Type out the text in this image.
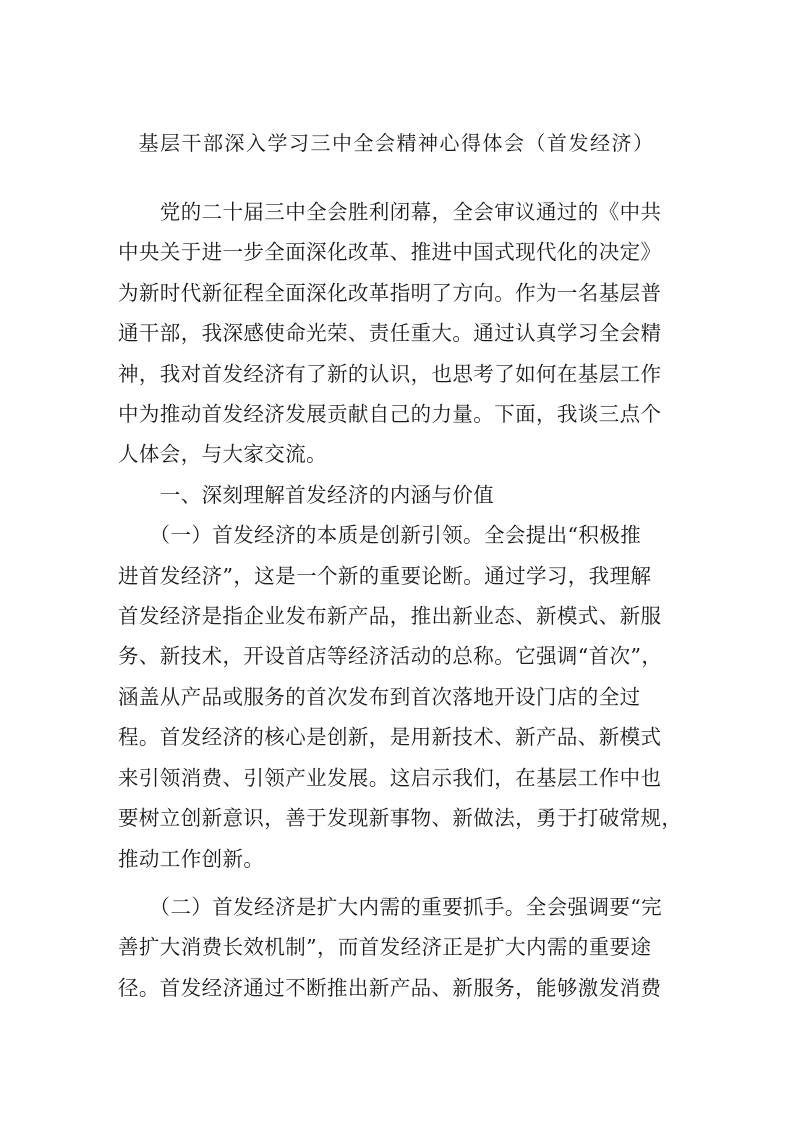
基层干部深入学习三中全会精神心得体会（首发经济）

　　党的二十届三中全会胜利闭幕，全会审议通过的《中共

中央关于进一步全面深化改革、推进中国式现代化的决定》

为新时代新征程全面深化改革指明了方向。作为一名基层普

通干部，我深感使命光荣、责任重大。通过认真学习全会精

神，我对首发经济有了新的认识，也思考了如何在基层工作

中为推动首发经济发展贡献自己的力量。下面，我谈三点个

人体会，与大家交流。

　　一、深刻理解首发经济的内涵与价值

　　（一）首发经济的本质是创新引领。全会提出“积极推

进首发经济”，这是一个新的重要论断。通过学习，我理解

首发经济是指企业发布新产品，推出新业态、新模式、新服

务、新技术，开设首店等经济活动的总称。它强调“首次”，

涵盖从产品或服务的首次发布到首次落地开设门店的全过

程。首发经济的核心是创新，是用新技术、新产品、新模式

来引领消费、引领产业发展。这启示我们，在基层工作中也

要树立创新意识，善于发现新事物、新做法，勇于打破常规，

推动工作创新。

　　（二）首发经济是扩大内需的重要抓手。全会强调要“完

善扩大消费长效机制”，而首发经济正是扩大内需的重要途

径。首发经济通过不断推出新产品、新服务，能够激发消费
